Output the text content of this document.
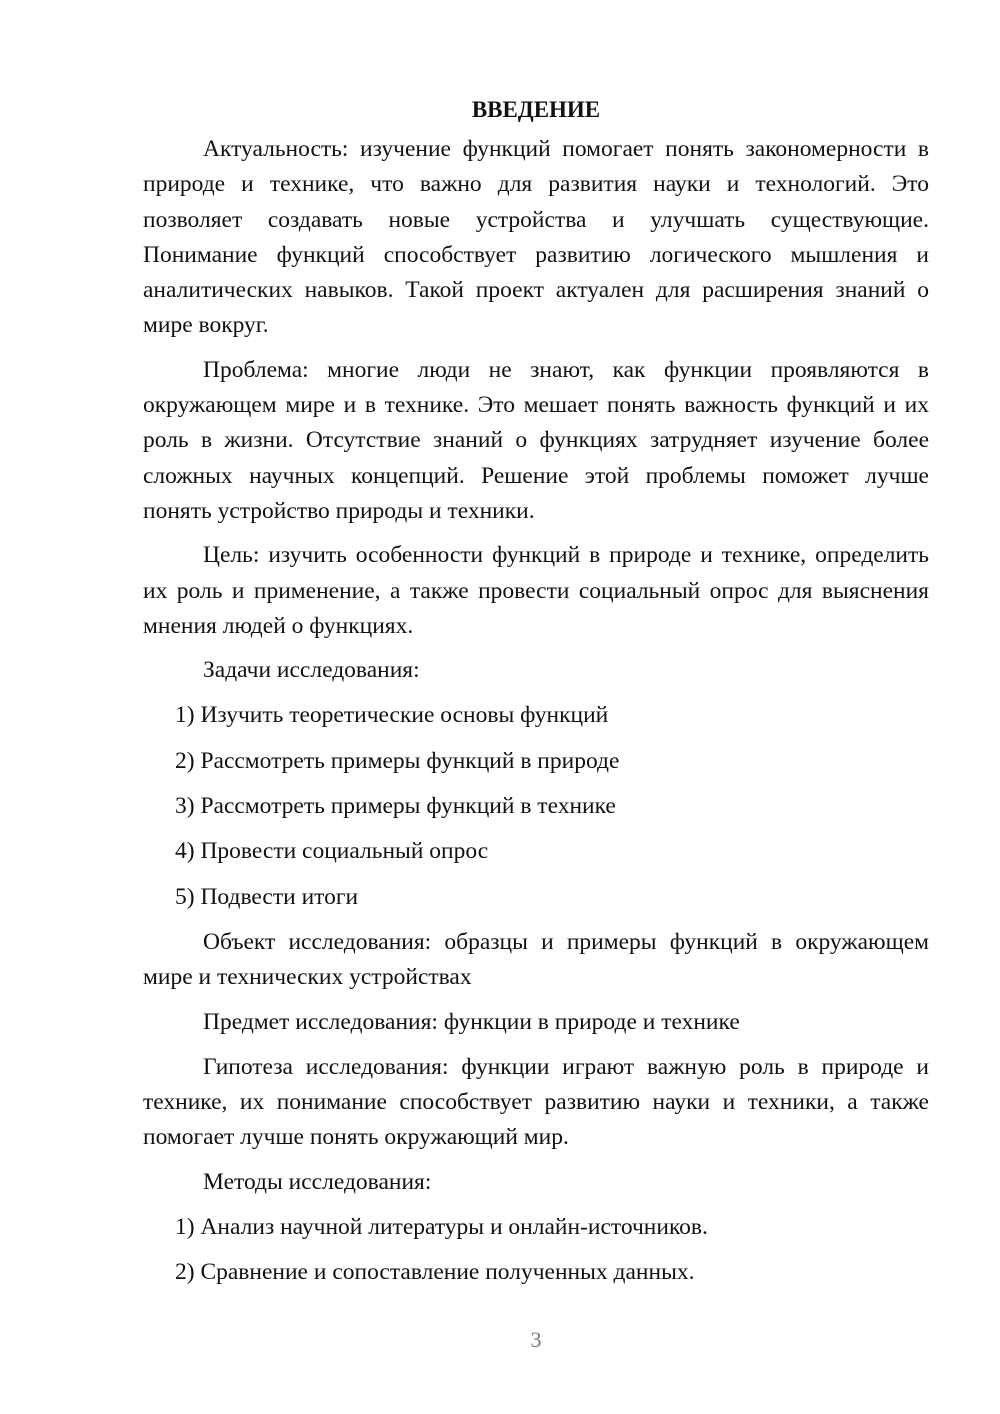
ВВЕДЕНИЕ

Актуальность: изучение функций помогает понять закономерности в природе и технике, что важно для развития науки и технологий. Это позволяет создавать новые устройства и улучшать существующие. Понимание функций способствует развитию логического мышления и аналитических навыков. Такой проект актуален для расширения знаний о мире вокруг.

Проблема: многие люди не знают, как функции проявляются в окружающем мире и в технике. Это мешает понять важность функций и их роль в жизни. Отсутствие знаний о функциях затрудняет изучение более сложных научных концепций. Решение этой проблемы поможет лучше понять устройство природы и техники.

Цель: изучить особенности функций в природе и технике, определить их роль и применение, а также провести социальный опрос для выяснения мнения людей о функциях.

Задачи исследования:

1) Изучить теоретические основы функций
2) Рассмотреть примеры функций в природе
3) Рассмотреть примеры функций в технике
4) Провести социальный опрос
5) Подвести итоги

Объект исследования: образцы и примеры функций в окружающем мире и технических устройствах

Предмет исследования: функции в природе и технике

Гипотеза исследования: функции играют важную роль в природе и технике, их понимание способствует развитию науки и техники, а также помогает лучше понять окружающий мир.

Методы исследования:

1) Анализ научной литературы и онлайн-источников.
2) Сравнение и сопоставление полученных данных.
3
